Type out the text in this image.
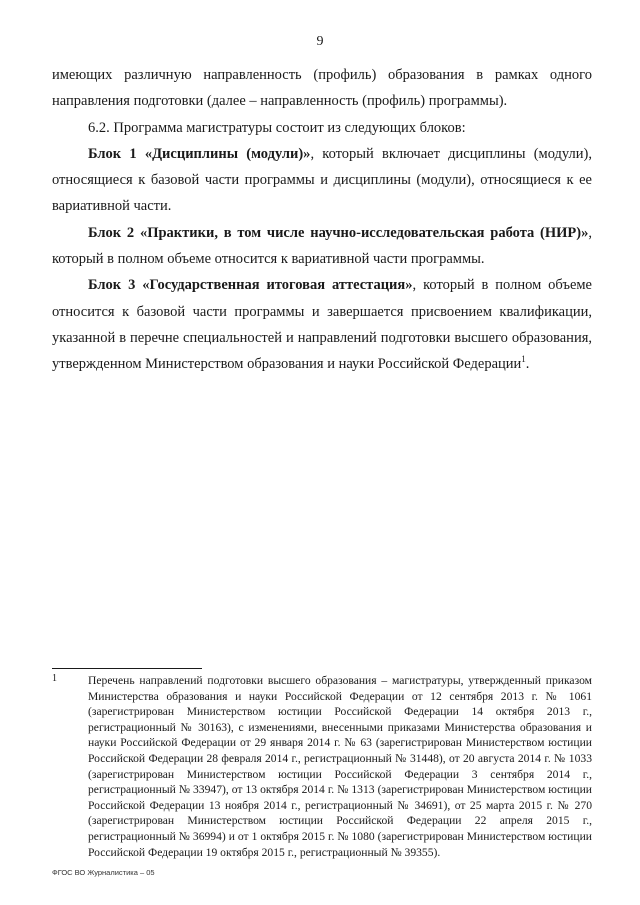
9

имеющих различную направленность (профиль) образования в рамках одного направления подготовки (далее – направленность (профиль) программы).

6.2. Программа магистратуры состоит из следующих блоков:

Блок 1 «Дисциплины (модули)», который включает дисциплины (модули), относящиеся к базовой части программы и дисциплины (модули), относящиеся к ее вариативной части.

Блок 2 «Практики, в том числе научно-исследовательская работа (НИР)», который в полном объеме относится к вариативной части программы.

Блок 3 «Государственная итоговая аттестация», который в полном объеме относится к базовой части программы и завершается присвоением квалификации, указанной в перечне специальностей и направлений подготовки высшего образования, утвержденном Министерством образования и науки Российской Федерации$^1$.

1	Перечень направлений подготовки высшего образования – магистратуры, утвержденный приказом Министерства образования и науки Российской Федерации от 12 сентября 2013 г. № 1061 (зарегистрирован Министерством юстиции Российской Федерации 14 октября 2013 г., регистрационный № 30163), с изменениями, внесенными приказами Министерства образования и науки Российской Федерации от 29 января 2014 г. № 63 (зарегистрирован Министерством юстиции Российской Федерации 28 февраля 2014 г., регистрационный № 31448), от 20 августа 2014 г. № 1033 (зарегистрирован Министерством юстиции Российской Федерации 3 сентября 2014 г., регистрационный № 33947), от 13 октября 2014 г. № 1313 (зарегистрирован Министерством юстиции Российской Федерации 13 ноября 2014 г., регистрационный № 34691), от 25 марта 2015 г. № 270 (зарегистрирован Министерством юстиции Российской Федерации 22 апреля 2015 г., регистрационный № 36994) и от 1 октября 2015 г. № 1080 (зарегистрирован Министерством юстиции Российской Федерации 19 октября 2015 г., регистрационный № 39355).
ФГОС ВО Журналистика – 05
